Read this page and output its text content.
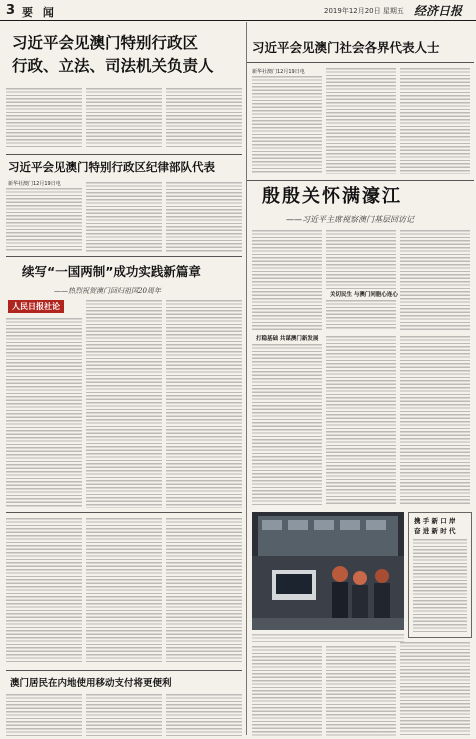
3 要 闻	2019年12月20日 星期五 经济日报
习近平会见澳门特别行政区
行政、立法、司法机关负责人
习近平会见澳门社会各界代表人士
新华社澳门12月19日电
习近平会见澳门特别行政区纪律部队代表
新华社澳门12月19日电
殷殷关怀满濠江
——习近平主席视察澳门基层回访记
关切民生 与澳门同胞心连心
打稳基础 共谋澳门新发展
续写“一国两制”成功实践新篇章
——热烈祝贺澳门回归祖国20周年
人民日报社论
澳门居民在内地使用移动支付将更便利
携 手 新 口 岸
奋 进 新 时 代
